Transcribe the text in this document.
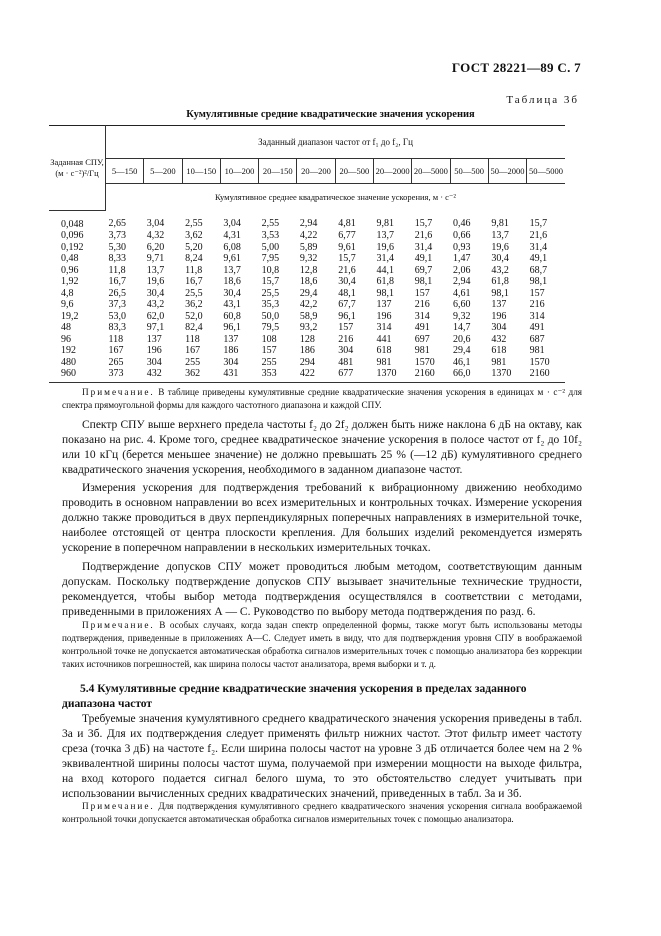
ГОСТ 28221—89 С. 7
Таблица 3б
Кумулятивные средние квадратические значения ускорения
Заданная СПУ, (м · с⁻²)²/Гц	Заданный диапазон частот от f₁ до f₂, Гц											
	5—150	5—200	10—150	10—200	20—150	20—200	20—500	20—2000	20—5000	50—500	50—2000	50—5000
	Кумулятивное среднее квадратическое значение ускорения, м · с⁻²											
0,048	2,65	3,04	2,55	3,04	2,55	2,94	4,81	9,81	15,7	0,46	9,81	15,7
0,096	3,73	4,32	3,62	4,31	3,53	4,22	6,77	13,7	21,6	0,66	13,7	21,6
0,192	5,30	6,20	5,20	6,08	5,00	5,89	9,61	19,6	31,4	0,93	19,6	31,4
0,48	8,33	9,71	8,24	9,61	7,95	9,32	15,7	31,4	49,1	1,47	30,4	49,1
0,96	11,8	13,7	11,8	13,7	10,8	12,8	21,6	44,1	69,7	2,06	43,2	68,7
1,92	16,7	19,6	16,7	18,6	15,7	18,6	30,4	61,8	98,1	2,94	61,8	98,1
4,8	26,5	30,4	25,5	30,4	25,5	29,4	48,1	98,1	157	4,61	98,1	157
9,6	37,3	43,2	36,2	43,1	35,3	42,2	67,7	137	216	6,60	137	216
19,2	53,0	62,0	52,0	60,8	50,0	58,9	96,1	196	314	9,32	196	314
48	83,3	97,1	82,4	96,1	79,5	93,2	157	314	491	14,7	304	491
96	118	137	118	137	108	128	216	441	697	20,6	432	687
192	167	196	167	186	157	186	304	618	981	29,4	618	981
480	265	304	255	304	255	294	481	981	1570	46,1	981	1570
960	373	432	362	431	353	422	677	1370	2160	66,0	1370	2160
Примечание. В таблице приведены кумулятивные средние квадратические значения ускорения в единицах м · с⁻² для спектра прямоугольной формы для каждого частотного диапазона и каждой СПУ.
Спектр СПУ выше верхнего предела частоты f₂ до 2f₂ должен быть ниже наклона 6 дБ на октаву, как показано на рис. 4. Кроме того, среднее квадратическое значение ускорения в полосе частот от f₂ до 10f₂ или 10 кГц (берется меньшее значение) не должно превышать 25 % (—12 дБ) кумулятивного среднего квадратического значения ускорения, необходимого в заданном диапазоне частот.
Измерения ускорения для подтверждения требований к вибрационному движению необходимо проводить в основном направлении во всех измерительных и контрольных точках. Измерение ускорения должно также проводиться в двух перпендикулярных поперечных направлениях в измерительной точке, наиболее отстоящей от центра плоскости крепления. Для больших изделий рекомендуется измерять ускорение в поперечном направлении в нескольких измерительных точках.
Подтверждение допусков СПУ может проводиться любым методом, соответствующим данным допускам. Поскольку подтверждение допусков СПУ вызывает значительные технические трудности, рекомендуется, чтобы выбор метода подтверждения осуществлялся в соответствии с методами, приведенными в приложениях А — С. Руководство по выбору метода подтверждения по разд. 6.
Примечание. В особых случаях, когда задан спектр определенной формы, также могут быть использованы методы подтверждения, приведенные в приложениях А—С. Следует иметь в виду, что для подтверждения уровня СПУ в воображаемой контрольной точке не допускается автоматическая обработка сигналов измерительных точек с помощью анализатора без коррекции таких источников погрешностей, как ширина полосы частот анализатора, время выборки и т. д.
5.4 Кумулятивные средние квадратические значения ускорения в пределах заданного диапазона частот
Требуемые значения кумулятивного среднего квадратического значения ускорения приведены в табл. 3а и 3б. Для их подтверждения следует применять фильтр нижних частот. Этот фильтр имеет частоту среза (точка 3 дБ) на частоте f₂. Если ширина полосы частот на уровне 3 дБ отличается более чем на 2 % эквивалентной ширины полосы частот шума, получаемой при измерении мощности на выходе фильтра, на вход которого подается сигнал белого шума, то это обстоятельство следует учитывать при использовании вычисленных средних квадратических значений, приведенных в табл. 3а и 3б.
Примечание. Для подтверждения кумулятивного среднего квадратического значения ускорения сигнала воображаемой контрольной точки допускается автоматическая обработка сигналов измерительных точек с помощью анализатора.
